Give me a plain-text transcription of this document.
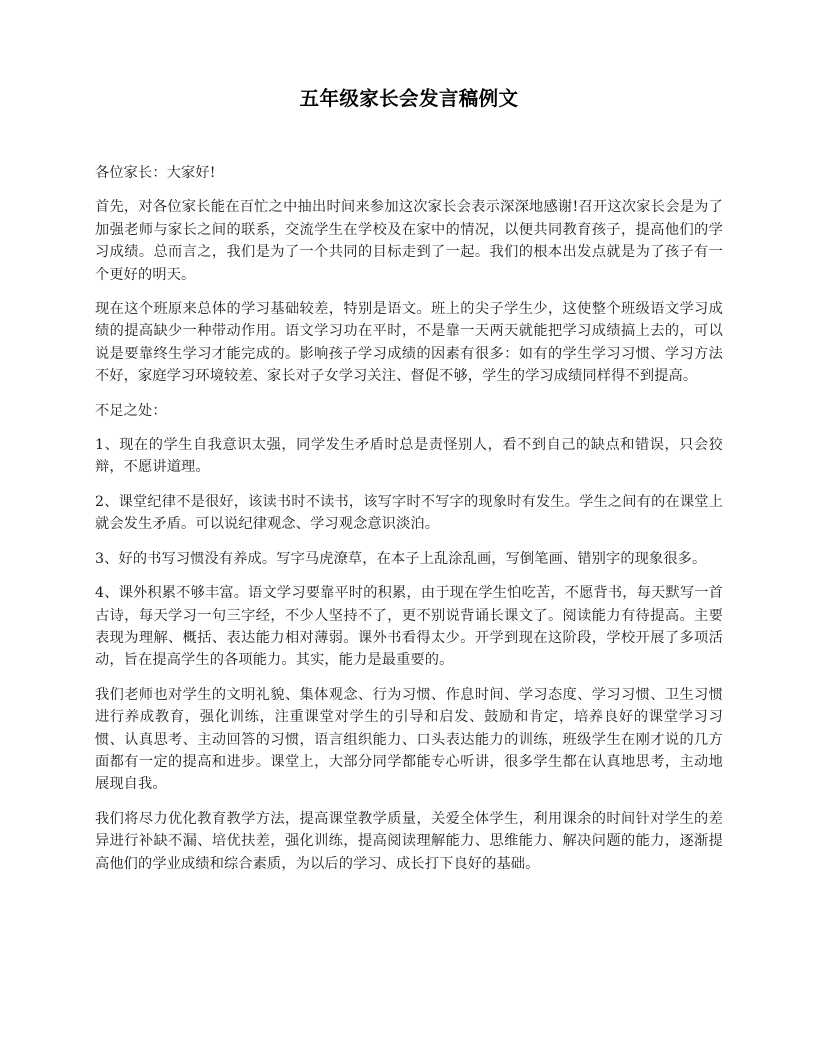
五年级家长会发言稿例文

各位家长：大家好!

首先，对各位家长能在百忙之中抽出时间来参加这次家长会表示深深地感谢!召开这次家长会是为了加强老师与家长之间的联系，交流学生在学校及在家中的情况，以便共同教育孩子，提高他们的学习成绩。总而言之，我们是为了一个共同的目标走到了一起。我们的根本出发点就是为了孩子有一个更好的明天。

现在这个班原来总体的学习基础较差，特别是语文。班上的尖子学生少，这使整个班级语文学习成绩的提高缺少一种带动作用。语文学习功在平时，不是靠一天两天就能把学习成绩搞上去的，可以说是要靠终生学习才能完成的。影响孩子学习成绩的因素有很多：如有的学生学习习惯、学习方法不好，家庭学习环境较差、家长对子女学习关注、督促不够，学生的学习成绩同样得不到提高。

不足之处：

1、现在的学生自我意识太强，同学发生矛盾时总是责怪别人，看不到自己的缺点和错误，只会狡辩，不愿讲道理。

2、课堂纪律不是很好，该读书时不读书，该写字时不写字的现象时有发生。学生之间有的在课堂上就会发生矛盾。可以说纪律观念、学习观念意识淡泊。

3、好的书写习惯没有养成。写字马虎潦草，在本子上乱涂乱画，写倒笔画、错别字的现象很多。

4、课外积累不够丰富。语文学习要靠平时的积累，由于现在学生怕吃苦，不愿背书，每天默写一首古诗，每天学习一句三字经，不少人坚持不了，更不别说背诵长课文了。阅读能力有待提高。主要表现为理解、概括、表达能力相对薄弱。课外书看得太少。开学到现在这阶段，学校开展了多项活动，旨在提高学生的各项能力。其实，能力是最重要的。

我们老师也对学生的文明礼貌、集体观念、行为习惯、作息时间、学习态度、学习习惯、卫生习惯进行养成教育，强化训练，注重课堂对学生的引导和启发、鼓励和肯定，培养良好的课堂学习习惯、认真思考、主动回答的习惯，语言组织能力、口头表达能力的训练，班级学生在刚才说的几方面都有一定的提高和进步。课堂上，大部分同学都能专心听讲，很多学生都在认真地思考，主动地展现自我。

我们将尽力优化教育教学方法，提高课堂教学质量，关爱全体学生，利用课余的时间针对学生的差异进行补缺不漏、培优扶差，强化训练，提高阅读理解能力、思维能力、解决问题的能力，逐渐提高他们的学业成绩和综合素质，为以后的学习、成长打下良好的基础。
